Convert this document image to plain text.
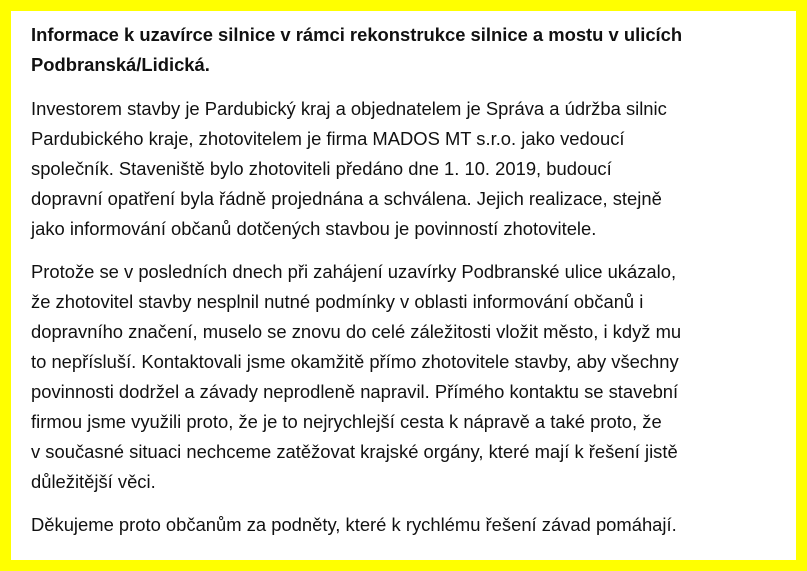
Informace k uzavírce silnice v rámci rekonstrukce silnice a mostu v ulicích
Podbranská/Lidická.
Investorem stavby je Pardubický kraj a objednatelem je Správa a údržba silnic
Pardubického kraje, zhotovitelem je firma MADOS MT s.r.o. jako vedoucí
společník. Staveniště bylo zhotoviteli předáno dne 1. 10. 2019, budoucí
dopravní opatření byla řádně projednána a schválena. Jejich realizace, stejně
jako informování občanů dotčených stavbou je povinností zhotovitele.
Protože se v posledních dnech při zahájení uzavírky Podbranské ulice ukázalo,
že zhotovitel stavby nesplnil nutné podmínky v oblasti informování občanů i
dopravního značení, muselo se znovu do celé záležitosti vložit město, i když mu
to nepřísluší. Kontaktovali jsme okamžitě přímo zhotovitele stavby, aby všechny
povinnosti dodržel a závady neprodleně napravil. Přímého kontaktu se stavební
firmou jsme využili proto, že je to nejrychlejší cesta k nápravě a také proto, že
v současné situaci nechceme zatěžovat krajské orgány, které mají k řešení jistě
důležitější věci.
Děkujeme proto občanům za podněty, které k rychlému řešení závad pomáhají.
